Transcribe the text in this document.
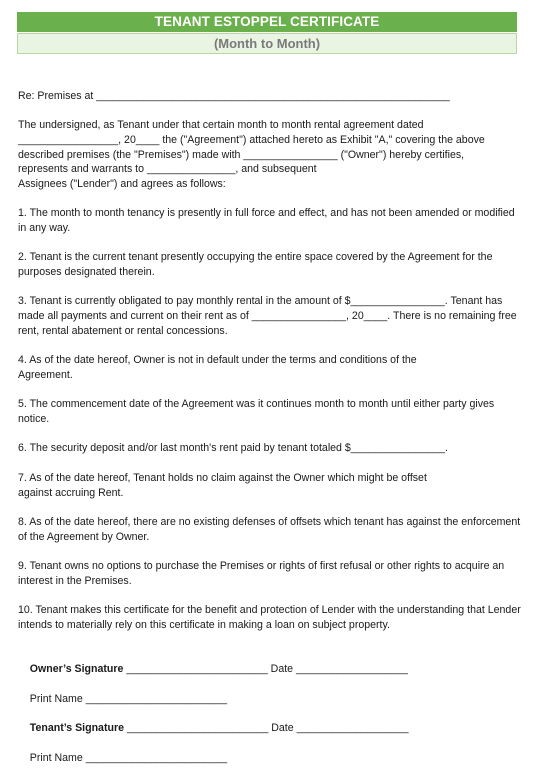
TENANT ESTOPPEL CERTIFICATE
(Month to Month)
Re: Premises at ____________________________________________________________
The undersigned, as Tenant under that certain month to month rental agreement dated
_________________, 20____ the ("Agreement") attached hereto as Exhibit "A," covering the above
described premises (the "Premises") made with ________________ ("Owner") hereby certifies,
represents and warrants to _______________, and subsequent
Assignees ("Lender") and agrees as follows:
1. The month to month tenancy is presently in full force and effect, and has not been amended or modified
in any way.
2. Tenant is the current tenant presently occupying the entire space covered by the Agreement for the
purposes designated therein.
3. Tenant is currently obligated to pay monthly rental in the amount of $________________. Tenant has
made all payments and current on their rent as of ________________, 20____. There is no remaining free
rent, rental abatement or rental concessions.
4. As of the date hereof, Owner is not in default under the terms and conditions of the
Agreement.
5. The commencement date of the Agreement was it continues month to month until either party gives
notice.
6. The security deposit and/or last month's rent paid by tenant totaled $________________.
7. As of the date hereof, Tenant holds no claim against the Owner which might be offset
against accruing Rent.
8. As of the date hereof, there are no existing defenses of offsets which tenant has against the enforcement
of the Agreement by Owner.
9. Tenant owns no options to purchase the Premises or rights of first refusal or other rights to acquire an
interest in the Premises.
10. Tenant makes this certificate for the benefit and protection of Lender with the understanding that Lender
intends to materially rely on this certificate in making a loan on subject property.

Owner’s Signature ________________________ Date ___________________

Print Name ________________________

Tenant’s Signature ________________________ Date ___________________

Print Name ________________________
